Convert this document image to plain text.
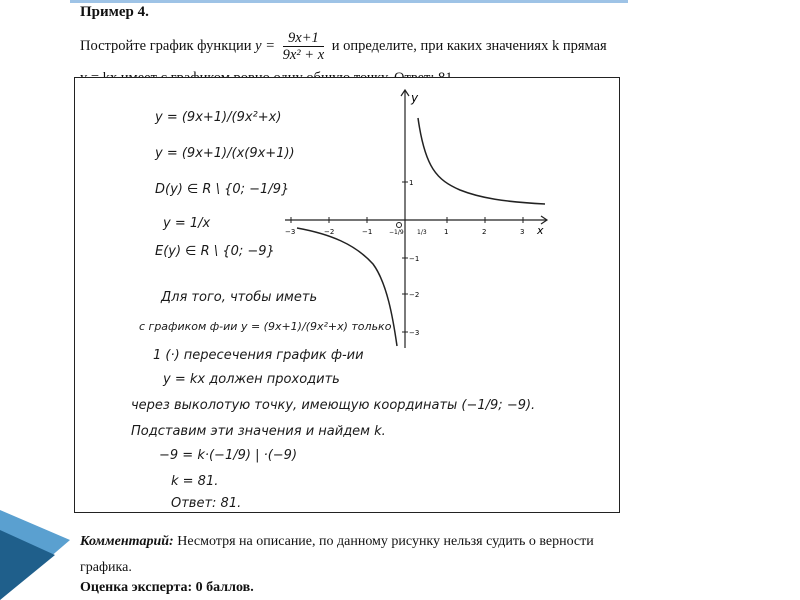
Пример 4.
Постройте график функции $y = \frac{9x+1}{\text{9x² + x}}$ и определите, при каких значениях k прямая
y = (9x+1)/(9x²+x)
y = (9x+1)/(x(9x+1))
D(y) ∈ R \ {0; −1/9}
y = 1/x
E(y) ∈ R \ {0; −9}
Для того, чтобы иметь
с графиком ф-ии y = (9x+1)/(9x²+x) только
1 (·) пересечения график ф-ии
y = kx должен проходить
через выколотую точку, имеющую координаты (−1/9; −9).
Подставим эти значения и найдем k.
−9 = k·(−1/9) | ·(−9)
k = 81.
Ответ: 81.
y
x
−3	−2	−1	1	2	3
1
−1
−2
−3
−1/9 1/3
Комментарий: Несмотря на описание, по данному рисунку нельзя судить о верности графика.
Оценка эксперта: 0 баллов.
